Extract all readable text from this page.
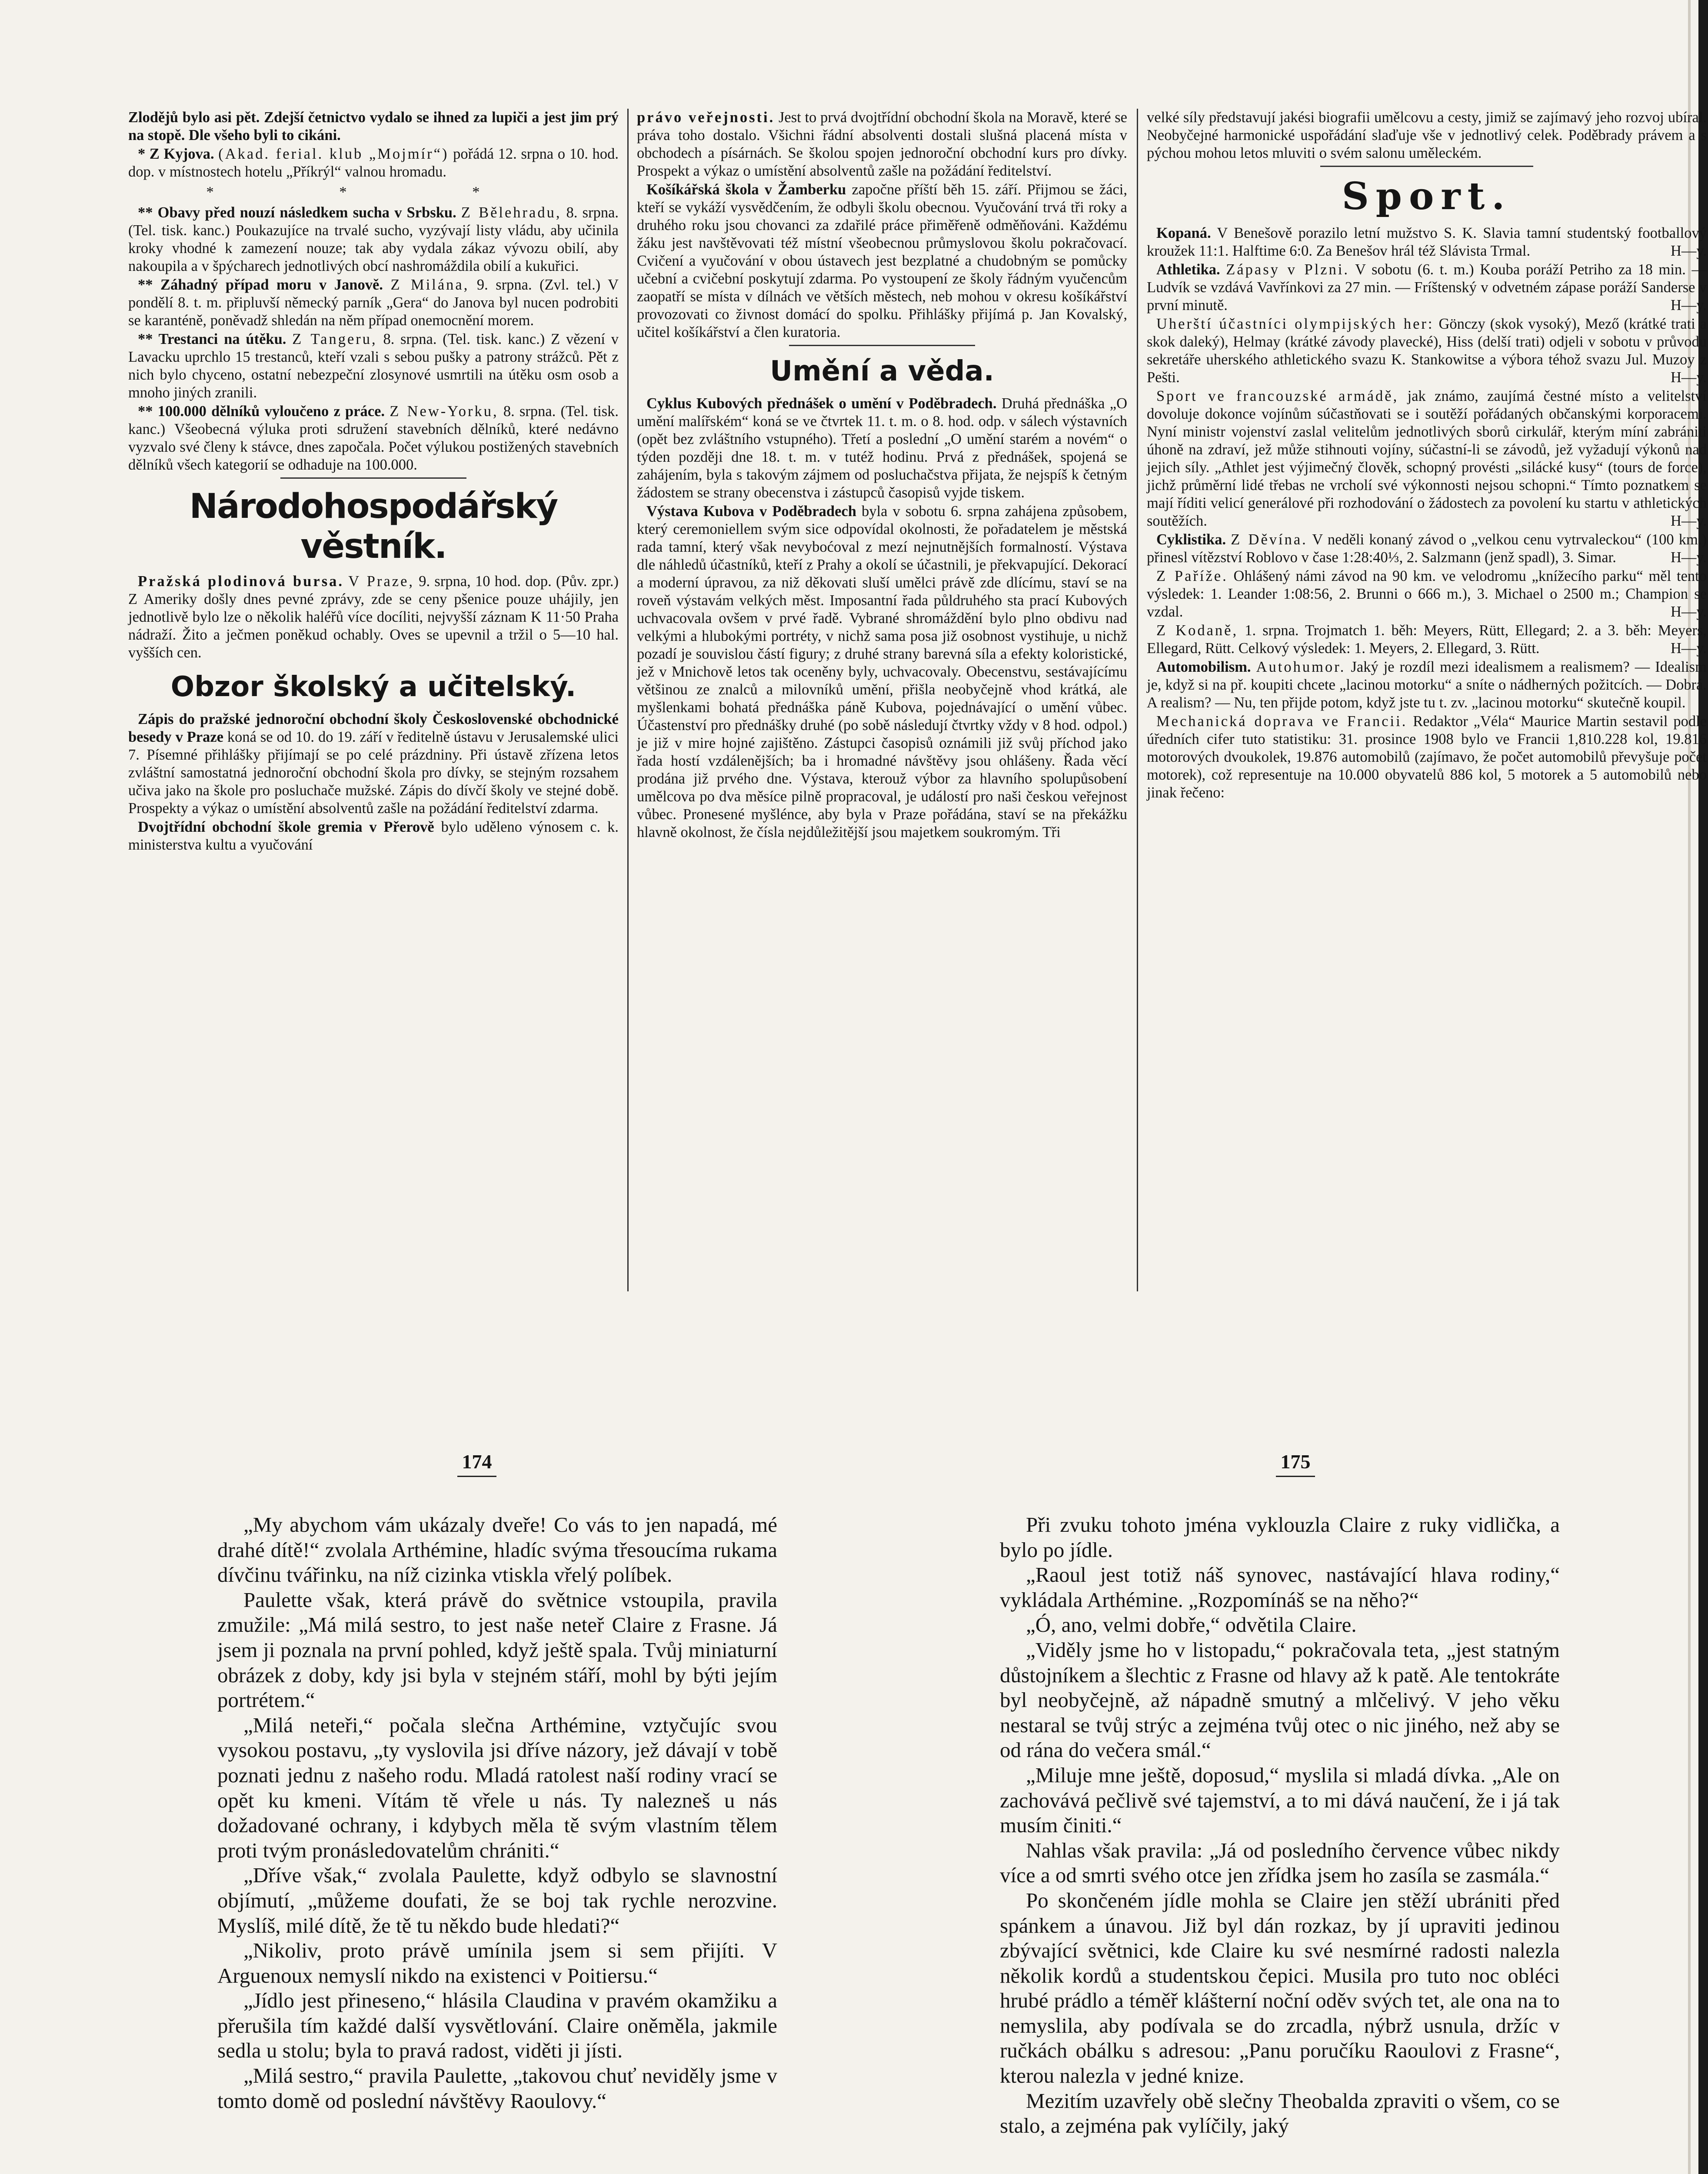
Zlodějů bylo asi pět. Zdejší četnictvo vydalo se ihned za lupiči a jest jim prý na stopě. Dle všeho byli to cikáni.

* Z Kyjova. (Akad. ferial. klub „Mojmír“) pořádá 12. srpna o 10. hod. dop. v místnostech hotelu „Příkrýl“ valnou hromadu.

* * *

** Obavy před nouzí následkem sucha v Srbsku. Z Bělehradu, 8. srpna. (Tel. tisk. kanc.) Poukazujíce na trvalé sucho, vyzývají listy vládu, aby učinila kroky vhodné k zamezení nouze; tak aby vydala zákaz vývozu obilí, aby nakoupila a v špýcharech jednotlivých obcí nashromáždila obilí a kukuřici.

** Záhadný případ moru v Janově. Z Milána, 9. srpna. (Zvl. tel.) V pondělí 8. t. m. připluvší německý parník „Gera“ do Janova byl nucen podrobiti se karanténě, poněvadž shledán na něm případ onemocnění morem.

** Trestanci na útěku. Z Tangeru, 8. srpna. (Tel. tisk. kanc.) Z vězení v Lavacku uprchlo 15 trestanců, kteří vzali s sebou pušky a patrony strážců. Pět z nich bylo chyceno, ostatní nebezpeční zlosynové usmrtili na útěku osm osob a mnoho jiných zranili.

** 100.000 dělníků vyloučeno z práce. Z New-Yorku, 8. srpna. (Tel. tisk. kanc.) Všeobecná výluka proti sdružení stavebních dělníků, které nedávno vyzvalo své členy k stávce, dnes započala. Počet výlukou postižených stavebních dělníků všech kategorií se odhaduje na 100.000.

Národohospodářský věstník.

Pražská plodinová bursa. V Praze, 9. srpna, 10 hod. dop. (Pův. zpr.) Z Ameriky došly dnes pevné zprávy, zde se ceny pšenice pouze uhájily, jen jednotlivě bylo lze o několik haléřů více docíliti, nejvyšší záznam K 11·50 Praha nádraží. Žito a ječmen poněkud ochably. Oves se upevnil a tržil o 5—10 hal. vyšších cen.

Obzor školský a učitelský.

Zápis do pražské jednoroční obchodní školy Československé obchodnické besedy v Praze koná se od 10. do 19. září v ředitelně ústavu v Jerusalemské ulici 7. Písemné přihlášky přijímají se po celé prázdniny. Při ústavě zřízena letos zvláštní samostatná jednoroční obchodní škola pro dívky, se stejným rozsahem učiva jako na škole pro posluchače mužské. Zápis do dívčí školy ve stejné době. Prospekty a výkaz o umístění absolventů zašle na požádání ředitelství zdarma.

Dvojtřídní obchodní škole gremia v Přerově bylo uděleno výnosem c. k. ministerstva kultu a vyučování

právo veřejnosti. Jest to prvá dvojtřídní obchodní škola na Moravě, které se práva toho dostalo. Všichni řádní absolventi dostali slušná placená místa v obchodech a písárnách. Se školou spojen jednoroční obchodní kurs pro dívky. Prospekt a výkaz o umístění absolventů zašle na požádání ředitelství.

Košíkářská škola v Žamberku započne příští běh 15. září. Přijmou se žáci, kteří se vykáží vysvědčením, že odbyli školu obecnou. Vyučování trvá tři roky a druhého roku jsou chovanci za zdařilé práce přiměřeně odměňováni. Každému žáku jest navštěvovati též místní všeobecnou průmyslovou školu pokračovací. Cvičení a vyučování v obou ústavech jest bezplatné a chudobným se pomůcky učební a cvičební poskytují zdarma. Po vystoupení ze školy řádným vyučencům zaopatří se místa v dílnách ve větších městech, neb mohou v okresu košíkářství provozovati co živnost domácí do spolku. Přihlášky přijímá p. Jan Kovalský, učitel košíkářství a člen kuratoria.

Umění a věda.

Cyklus Kubových přednášek o umění v Poděbradech. Druhá přednáška „O umění malířském“ koná se ve čtvrtek 11. t. m. o 8. hod. odp. v sálech výstavních (opět bez zvláštního vstupného). Třetí a poslední „O umění starém a novém“ o týden později dne 18. t. m. v tutéž hodinu. Prvá z přednášek, spojená se zahájením, byla s takovým zájmem od posluchačstva přijata, že nejspíš k četným žádostem se strany obecenstva i zástupců časopisů vyjde tiskem.

Výstava Kubova v Poděbradech byla v sobotu 6. srpna zahájena způsobem, který ceremoniellem svým sice odpovídal okolnosti, že pořadatelem je městská rada tamní, který však nevyboćoval z mezí nejnutnějších formalností. Výstava dle náhledů účastníků, kteří z Prahy a okolí se účastnili, je překvapující. Dekorací a moderní úpravou, za niž děkovati sluší umělci právě zde dlícímu, staví se na roveň výstavám velkých měst. Imposantní řada půldruhého sta prací Kubových uchvacovala ovšem v prvé řadě. Vybrané shromáždění bylo plno obdivu nad velkými a hlubokými portréty, v nichž sama posa již osobnost vystihuje, u nichž pozadí je souvislou částí figury; z druhé strany barevná síla a efekty koloristické, jež v Mnichově letos tak oceněny byly, uchvacovaly. Obecenstvu, sestávajícímu většinou ze znalců a milovníků umění, přišla neobyčejně vhod krátká, ale myšlenkami bohatá přednáška páně Kubova, pojednávající o umění vůbec. Účastenství pro přednášky druhé (po sobě následují čtvrtky vždy v 8 hod. odpol.) je již v mire hojné zajištěno. Zástupci časopisů oznámili již svůj příchod jako řada hostí vzdálenějších; ba i hromadné návštěvy jsou ohlášeny. Řada věcí prodána již prvého dne. Výstava, kterouž výbor za hlavního spolupůsobení umělcova po dva měsíce pilně propracoval, je událostí pro naši českou veřejnost vůbec. Pronesené myšlénce, aby byla v Praze pořádána, staví se na překážku hlavně okolnost, že čísla nejdůležitější jsou majetkem soukromým. Tři

velké síly představují jakési biografii umělcovu a cesty, jimiž se zajímavý jeho rozvoj ubíral. Neobyčejné harmonické uspořádání slaďuje vše v jednotlivý celek. Poděbrady právem a s pýchou mohou letos mluviti o svém salonu uměleckém.

Sport.

Kopaná. V Benešově porazilo letní mužstvo S. K. Slavia tamní studentský footballový kroužek 11:1. Halftime 6:0. Za Benešov hrál též Slávista Trmal.	H—y.

Athletika. Zápasy v Plzni. V sobotu (6. t. m.) Kouba poráží Petriho za 18 min. — Ludvík se vzdává Vavřínkovi za 27 min. — Fríštenský v odvetném zápase poráží Sanderse v první minutě.	H—y.

Uherští účastníci olympijských her: Gönczy (skok vysoký), Mező (krátké trati a skok daleký), Helmay (krátké závody plavecké), Hiss (delší trati) odjeli v sobotu v průvodu sekretáře uherského athletického svazu K. Stankowitse a výbora téhož svazu Jul. Muzoy z Pešti.	H—y.

Sport ve francouzské armádě, jak známo, zaujímá čestné místo a velitelství dovoluje dokonce vojínům súčastňovati se i soutěží pořádaných občanskými korporacemi. Nyní ministr vojenství zaslal velitelům jednotlivých sborů cirkulář, kterým míní zabrániti úhoně na zdraví, jež může stihnouti vojíny, súčastní-li se závodů, jež vyžadují výkonů nad jejich síly. „Athlet jest výjimečný člověk, schopný provésti „silácké kusy“ (tours de force), jichž průměrní lidé třebas ne vrcholí své výkonnosti nejsou schopni.“ Tímto poznatkem se mají říditi velicí generálové při rozhodování o žádostech za povolení ku startu v athletických soutěžích.	H—y.

Cyklistika. Z Děvína. V neděli konaný závod o „velkou cenu vytrvaleckou“ (100 km.) přinesl vítězství Roblovo v čase 1:28:40⅓, 2. Salzmann (jenž spadl), 3. Simar.	H—y.

Z Paříže. Ohlášený námi závod na 90 km. ve velodromu „knížecího parku“ měl tento výsledek: 1. Leander 1:08:56, 2. Brunni o 666 m.), 3. Michael o 2500 m.; Champion se vzdal.	H—y.

Z Kodaně, 1. srpna. Trojmatch 1. běh: Meyers, Rütt, Ellegard; 2. a 3. běh: Meyers, Ellegard, Rütt. Celkový výsledek: 1. Meyers, 2. Ellegard, 3. Rütt.	H—y.

Automobilism. Autohumor. Jaký je rozdíl mezi idealismem a realismem? — Idealism je, když si na př. koupiti chcete „lacinou motorku“ a sníte o nádherných požitcích. — Dobrá. A realism? — Nu, ten přijde potom, když jste tu t. zv. „lacinou motorku“ skutečně koupil.

Mechanická doprava ve Francii. Redaktor „Véla“ Maurice Martin sestavil podle úředních cifer tuto statistiku: 31. prosince 1908 bylo ve Francii 1,810.228 kol, 19.816 motorových dvoukolek, 19.876 automobilů (zajímavo, že počet automobilů převyšuje počet motorek), což representuje na 10.000 obyvatelů 886 kol, 5 motorek a 5 automobilů nebo jinak řečeno:

174	175

„My abychom vám ukázaly dveře! Co vás to jen napadá, mé drahé dítě!“ zvolala Arthémine, hladíc svýma třesoucíma rukama dívčinu tvářinku, na níž cizinka vtiskla vřelý políbek.

Paulette však, která právě do světnice vstoupila, pravila zmužile: „Má milá sestro, to jest naše neteř Claire z Frasne. Já jsem ji poznala na první pohled, když ještě spala. Tvůj miniaturní obrázek z doby, kdy jsi byla v stejném stáří, mohl by býti jejím portrétem.“

„Milá neteři,“ počala slečna Arthémine, vztyčujíc svou vysokou postavu, „ty vyslovila jsi dříve názory, jež dávají v tobě poznati jednu z našeho rodu. Mladá ratolest naší rodiny vrací se opět ku kmeni. Vítám tě vřele u nás. Ty nalezneš u nás dožadované ochrany, i kdybych měla tě svým vlastním tělem proti tvým pronásledovatelům chrániti.“

„Dříve však,“ zvolala Paulette, když odbylo se slavnostní objímutí, „můžeme doufati, že se boj tak rychle nerozvine. Myslíš, milé dítě, že tě tu někdo bude hledati?“

„Nikoliv, proto právě umínila jsem si sem přijíti. V Arguenoux nemyslí nikdo na existenci v Poitiersu.“

„Jídlo jest přineseno,“ hlásila Claudina v pravém okamžiku a přerušila tím každé další vysvětlování. Claire oněměla, jakmile sedla u stolu; byla to pravá radost, viděti ji jísti.

„Milá sestro,“ pravila Paulette, „takovou chuť neviděly jsme v tomto domě od poslední návštěvy Raoulovy.“

Při zvuku tohoto jména vyklouzla Claire z ruky vidlička, a bylo po jídle.

„Raoul jest totiž náš synovec, nastávající hlava rodiny,“ vykládala Arthémine. „Rozpomínáš se na něho?“

„Ó, ano, velmi dobře,“ odvětila Claire.

„Viděly jsme ho v listopadu,“ pokračovala teta, „jest statným důstojníkem a šlechtic z Frasne od hlavy až k patě. Ale tentokráte byl neobyčejně, až nápadně smutný a mlčelivý. V jeho věku nestaral se tvůj strýc a zejména tvůj otec o nic jiného, než aby se od rána do večera smál.“

„Miluje mne ještě, doposud,“ myslila si mladá dívka. „Ale on zachovává pečlivě své tajemství, a to mi dává naučení, že i já tak musím činiti.“

Nahlas však pravila: „Já od posledního července vůbec nikdy více a od smrti svého otce jen zřídka jsem ho zasíla se zasmála.“

Po skončeném jídle mohla se Claire jen stěží ubrániti před spánkem a únavou. Již byl dán rozkaz, by jí upraviti jedinou zbývající světnici, kde Claire ku své nesmírné radosti nalezla několik kordů a studentskou čepici. Musila pro tuto noc obléci hrubé prádlo a téměř klášterní noční oděv svých tet, ale ona na to nemyslila, aby podívala se do zrcadla, nýbrž usnula, držíc v ručkách obálku s adresou: „Panu poručíku Raoulovi z Frasne“, kterou nalezla v jedné knize.

Mezitím uzavřely obě slečny Theobalda zpraviti o všem, co se stalo, a zejména pak vylíčily, jaký
